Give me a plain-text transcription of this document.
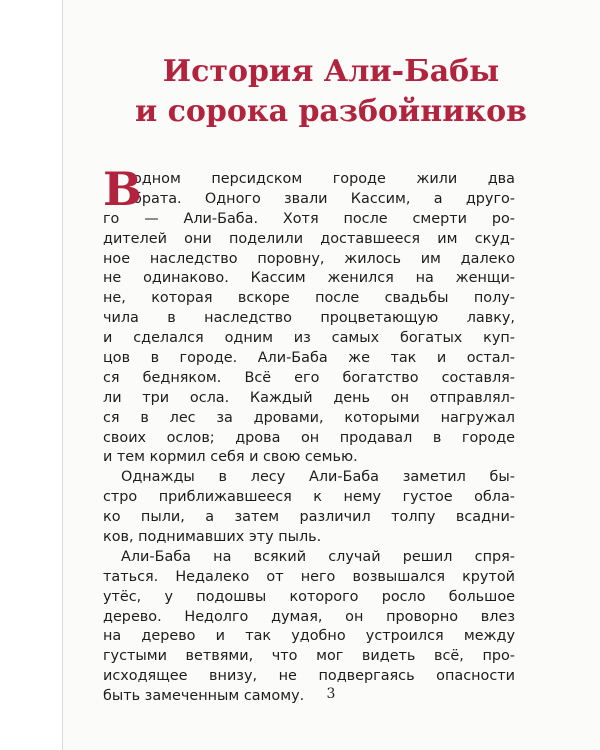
История Али-Бабы
и сорока разбойников
В
одном персидском городе жили два
брата. Одного звали Кассим, а друго-
го — Али-Баба. Хотя после смерти ро-
дителей они поделили доставшееся им скуд-
ное наследство поровну, жилось им далеко
не одинаково. Кассим женился на женщи-
не, которая вскоре после свадьбы полу-
чила в наследство процветающую лавку,
и сделался одним из самых богатых куп-
цов в городе. Али-Баба же так и остал-
ся бедняком. Всё его богатство составля-
ли три осла. Каждый день он отправлял-
ся в лес за дровами, которыми нагружал
своих ослов; дрова он продавал в городе
и тем кормил себя и свою семью.
Однажды в лесу Али-Баба заметил бы-
стро приближавшееся к нему густое обла-
ко пыли, а затем различил толпу всадни-
ков, поднимавших эту пыль.
Али-Баба на всякий случай решил спря-
таться. Недалеко от него возвышался крутой
утёс, у подошвы которого росло большое
дерево. Недолго думая, он проворно влез
на дерево и так удобно устроился между
густыми ветвями, что мог видеть всё, про-
исходящее внизу, не подвергаясь опасности
быть замеченным самому.	3
